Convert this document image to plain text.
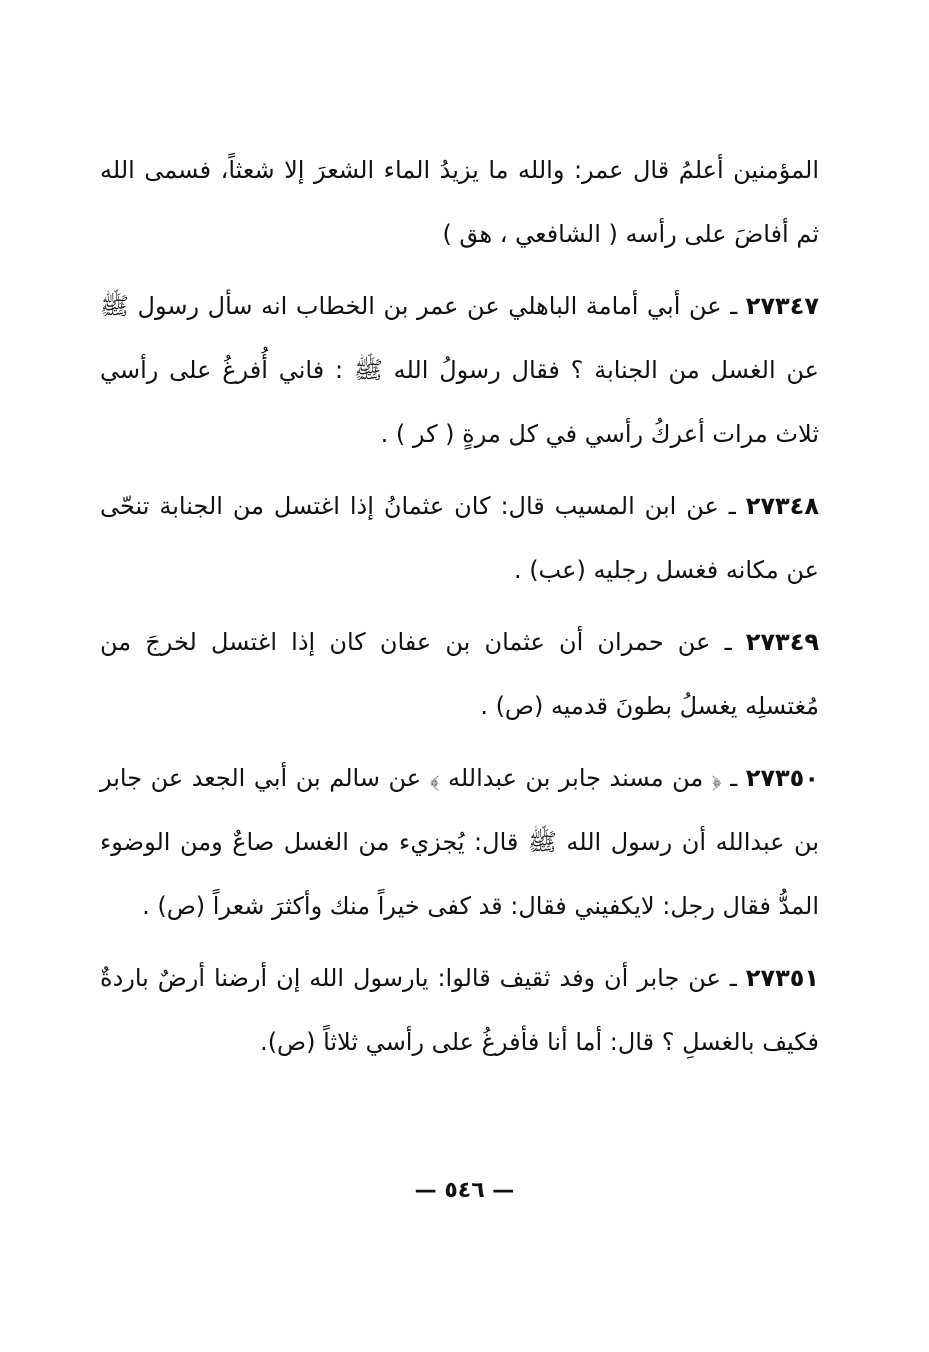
المؤمنين أعلمُ قال عمر: والله ما يزيدُ الماء الشعرَ إلا شعثاً، فسمى الله ثم أفاضَ على رأسه ( الشافعي ، هق )

٢٧٣٤٧ ـ عن أبي أمامة الباهلي عن عمر بن الخطاب انه سأل رسول ﷺ عن الغسل من الجنابة ؟ فقال رسولُ الله ﷺ : فاني أُفرغُ على رأسي ثلاث مرات أعركُ رأسي في كل مرةٍ ( كر ) .

٢٧٣٤٨ ـ عن ابن المسيب قال: كان عثمانُ إذا اغتسل من الجنابة تنحّى عن مكانه فغسل رجليه (عب) .

٢٧٣٤٩ ـ عن حمران أن عثمان بن عفان كان إذا اغتسل لخرجَ من مُغتسلِه يغسلُ بطونَ قدميه (ص) .

٢٧٣٥٠ ـ ﴿ من مسند جابر بن عبدالله ﴾ عن سالم بن أبي الجعد عن جابر بن عبدالله أن رسول الله ﷺ قال: يُجزيء من الغسل صاعٌ ومن الوضوء المدُّ فقال رجل: لايكفيني فقال: قد كفى خيراً منك وأكثرَ شعراً (ص) .

٢٧٣٥١ ـ عن جابر أن وفد ثقيف قالوا: يارسول الله إن أرضنا أرضٌ باردةٌ فكيف بالغسلِ ؟ قال: أما أنا فأفرغُ على رأسي ثلاثاً (ص).

— ٥٤٦ —
